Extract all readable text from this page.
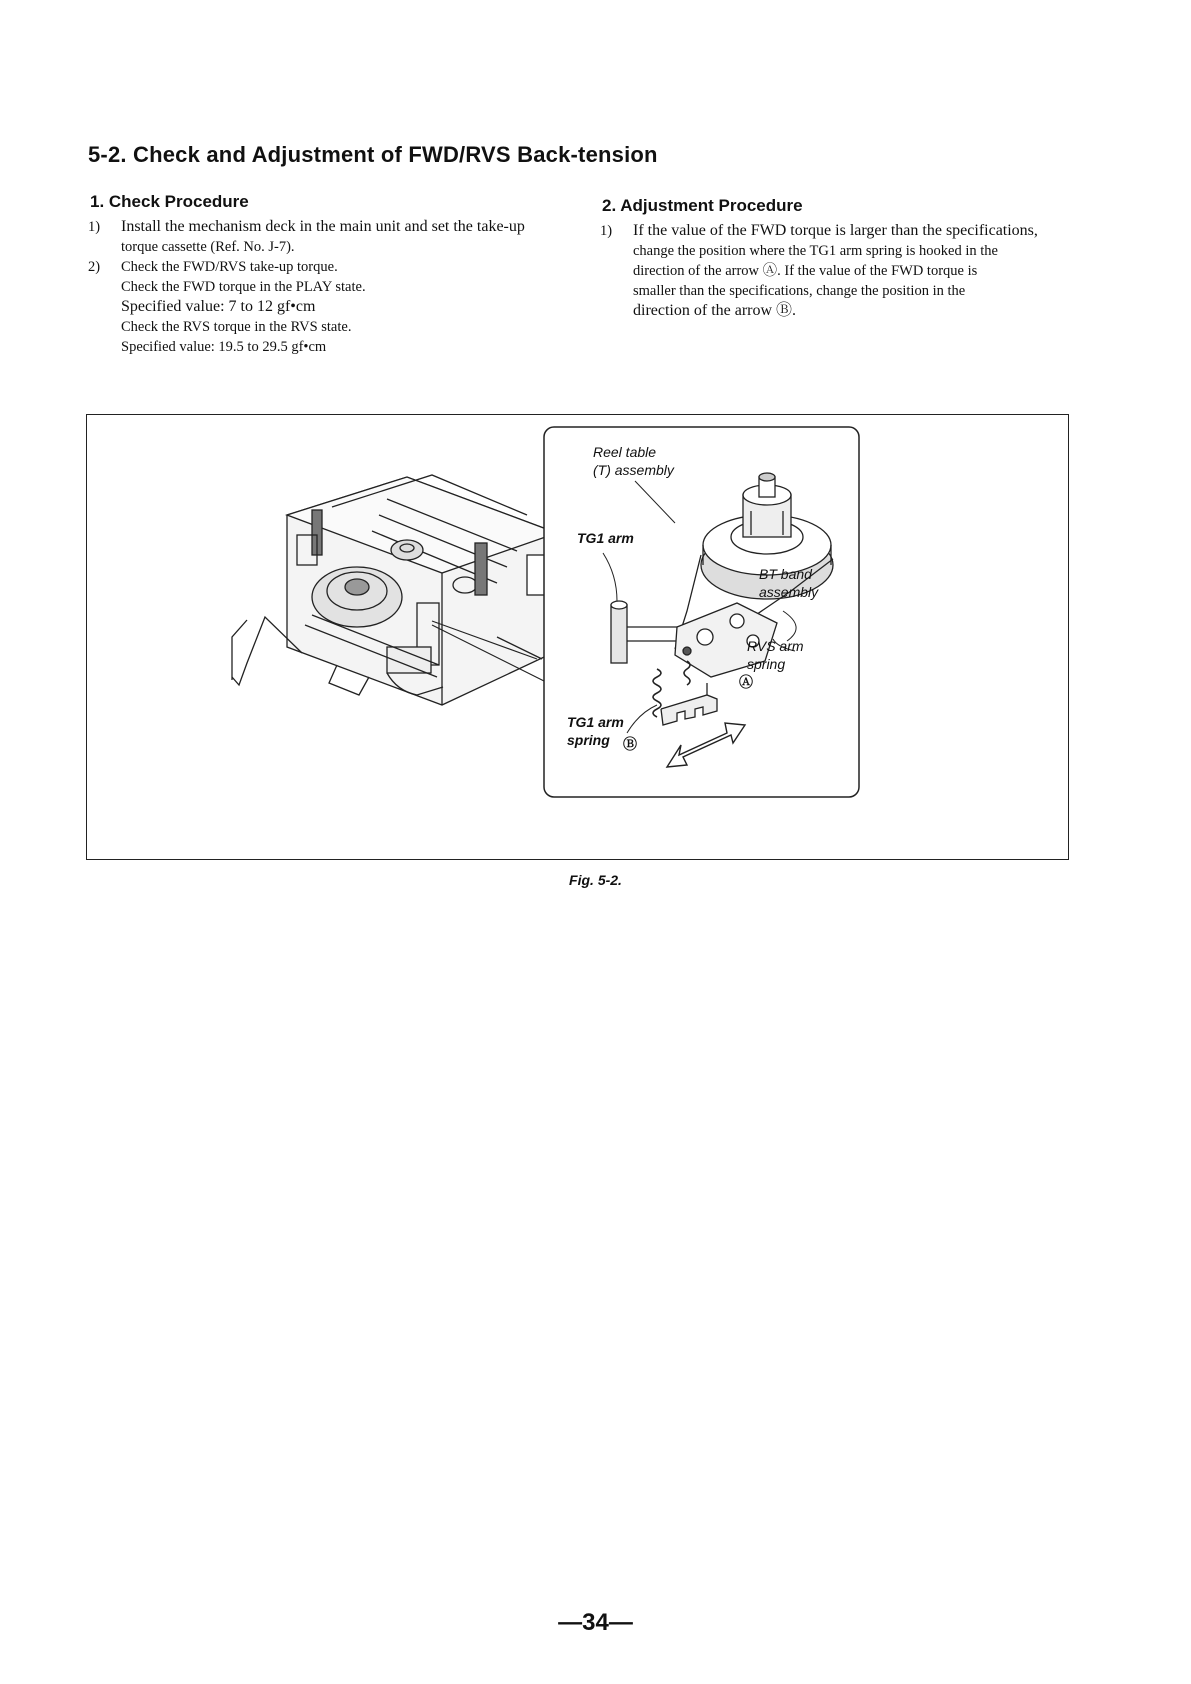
5-2. Check and Adjustment of FWD/RVS Back-tension
1. Check Procedure
1)	Install the mechanism deck in the main unit and set the take-up
torque cassette (Ref. No. J-7).
2)	Check the FWD/RVS take-up torque.
Check the FWD torque in the PLAY state.
Specified value: 7 to 12 gf•cm
Check the RVS torque in the RVS state.
Specified value: 19.5 to 29.5 gf•cm
2. Adjustment Procedure
1)	If the value of the FWD torque is larger than the specifications,
change the position where the TG1 arm spring is hooked in the
direction of the arrow Ⓐ. If the value of the FWD torque is
smaller than the specifications, change the position in the
direction of the arrow Ⓑ.
Reel table
(T) assembly
TG1 arm
BT band
assembly
RVS arm
spring
Ⓐ
TG1 arm
spring Ⓑ
Fig. 5-2.
—34—
